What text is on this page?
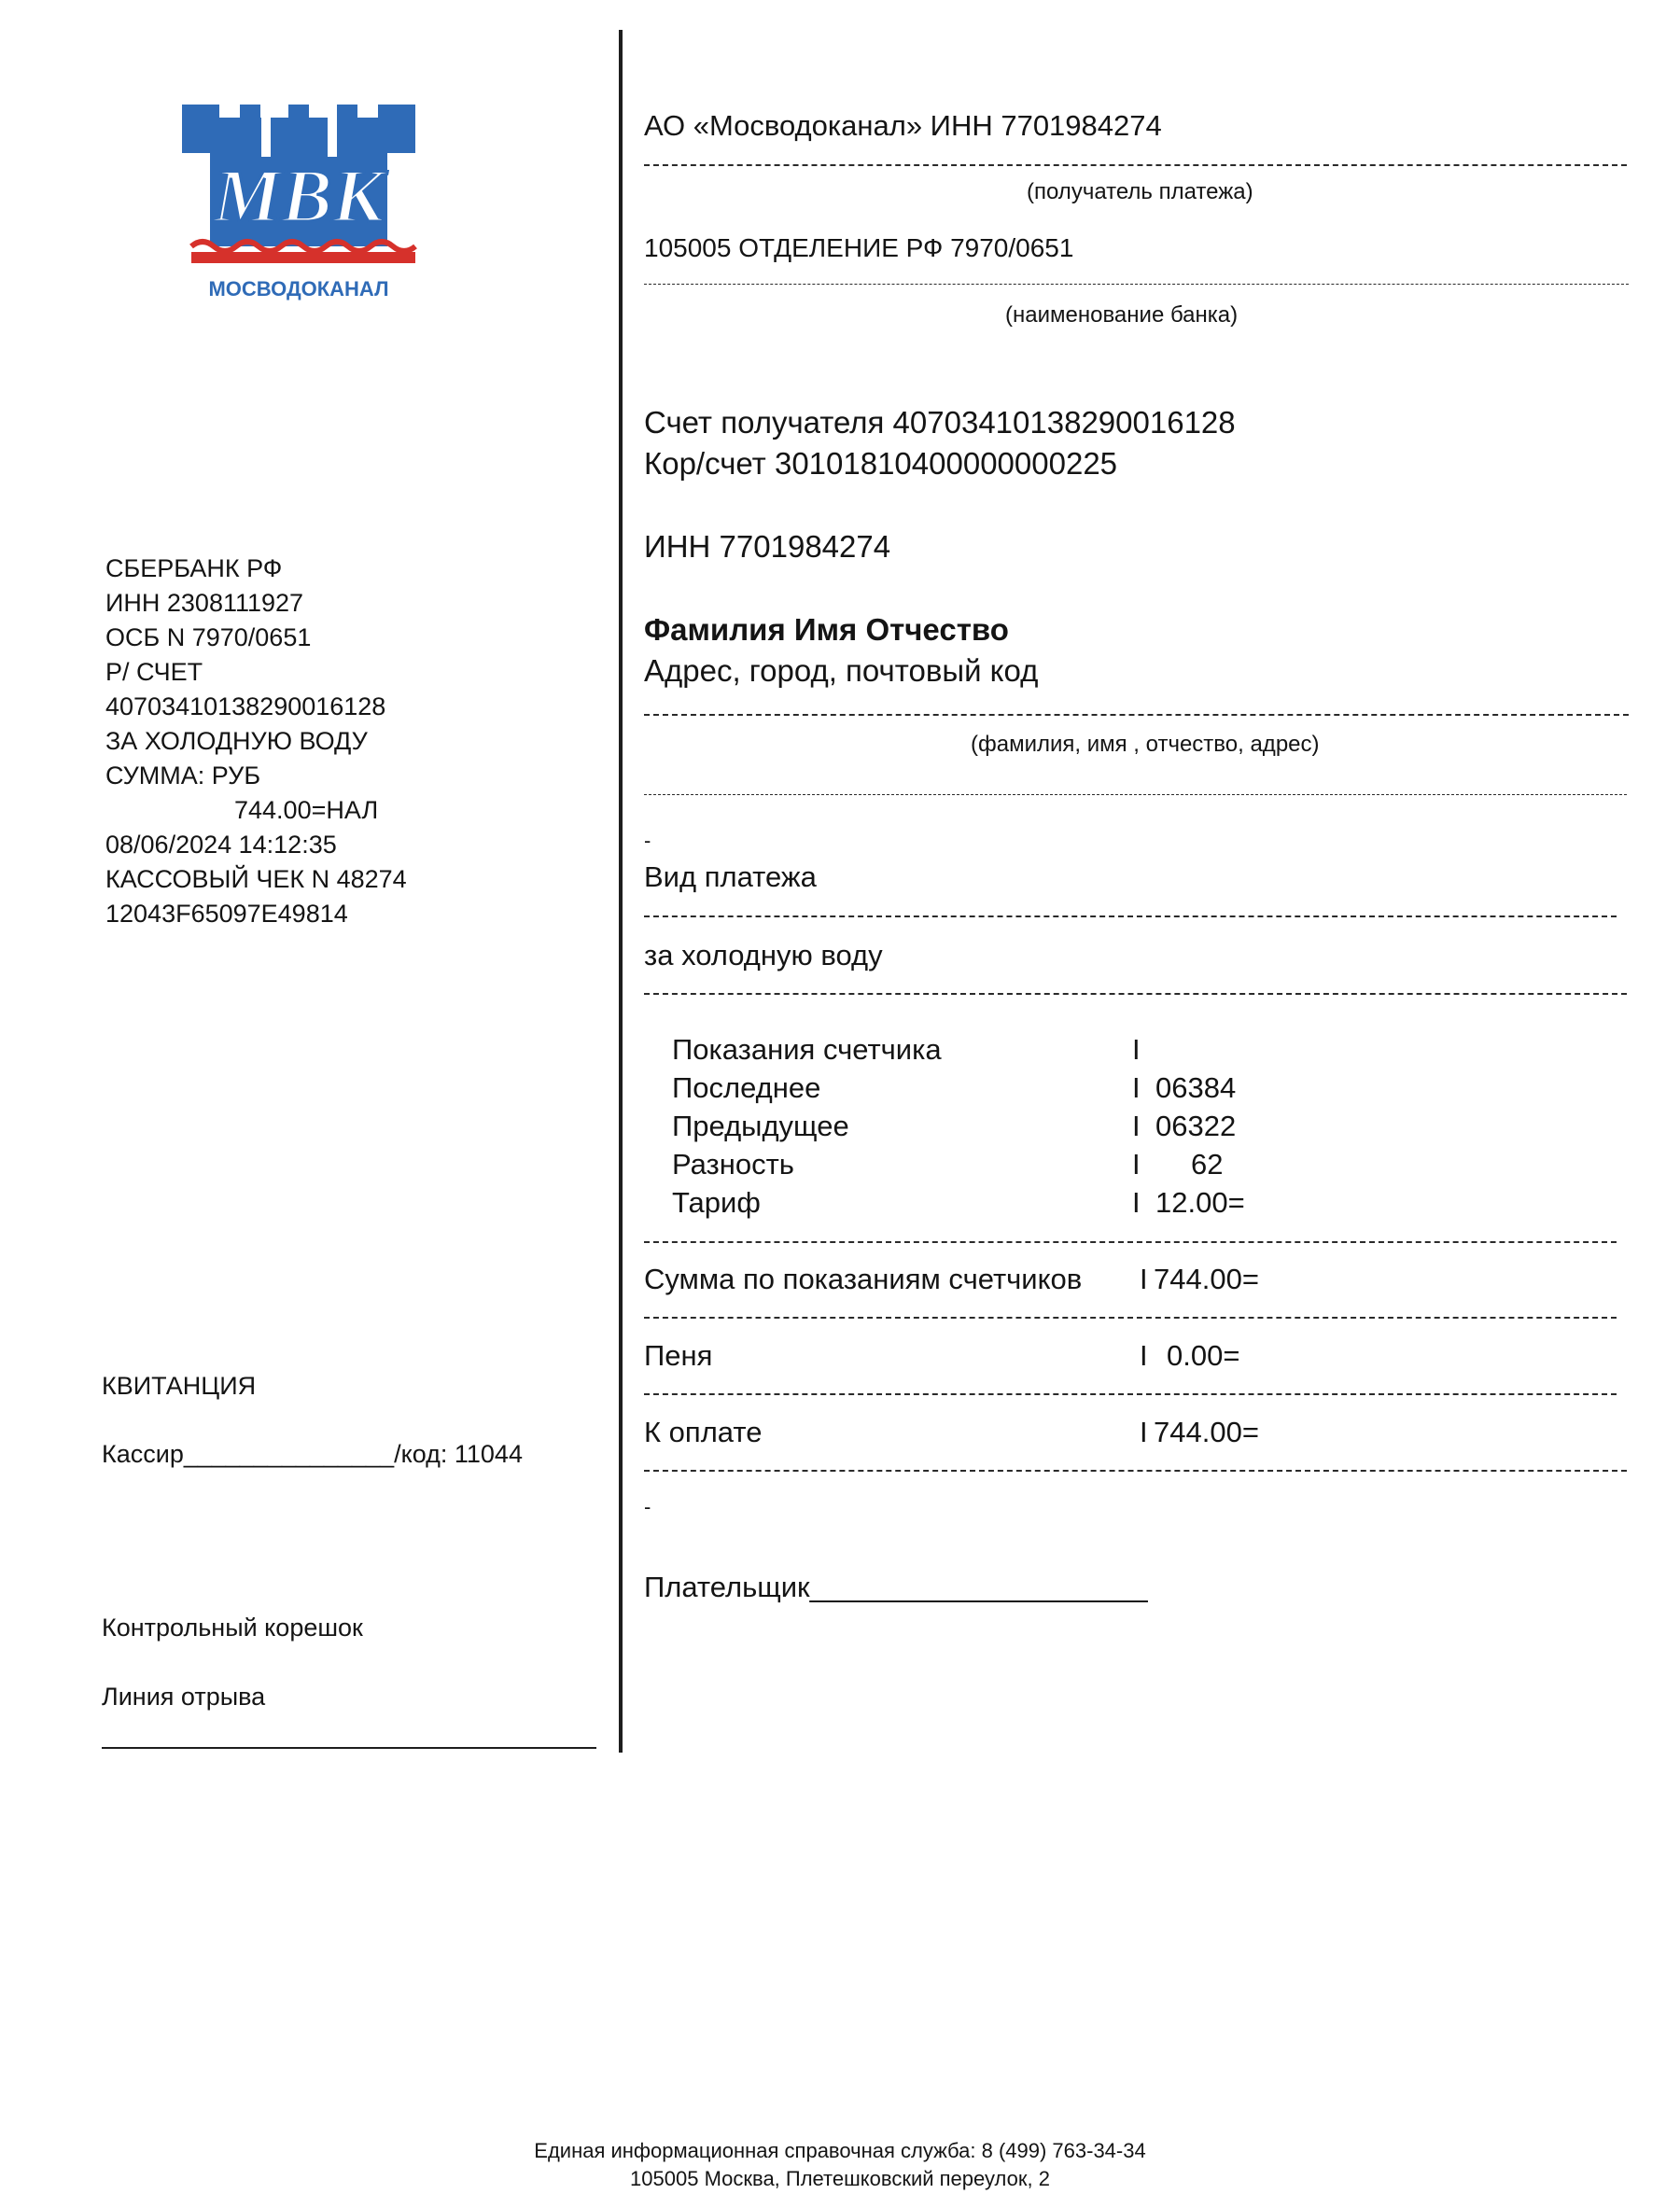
МВК
МОСВОДОКАНАЛ
СБЕРБАНК РФ
ИНН 2308111927
ОСБ N 7970/0651
Р/ СЧЕТ
40703410138290016128
ЗА ХОЛОДНУЮ ВОДУ
СУММА: РУБ
744.00=НАЛ
08/06/2024 14:12:35
КАССОВЫЙ ЧЕК N 48274
12043F65097E49814
КВИТАНЦИЯ
Кассир_______________/код: 11044
Контрольный корешок
Линия отрыва
АО «Мосводоканал» ИНН 7701984274
(получатель платежа)
105005 ОТДЕЛЕНИЕ РФ 7970/0651
(наименование банка)
Счет получателя 40703410138290016128
Кор/счет 30101810400000000225
ИНН 7701984274
Фамилия Имя Отчество
Адрес, город, почтовый код
(фамилия, имя , отчество, адрес)
-
Вид платежа
за холодную воду
Показания счетчика	I
Последнее	I 06384
Предыдущее	I 06322
Разность	I 62
Тариф	I 12.00=
Сумма по показаниям счетчиков I 744.00=
Пеня	I 0.00=
К оплате	I 744.00=
-
Плательщик_____________________
Единая информационная справочная служба: 8 (499) 763-34-34
105005 Москва, Плетешковский переулок, 2
